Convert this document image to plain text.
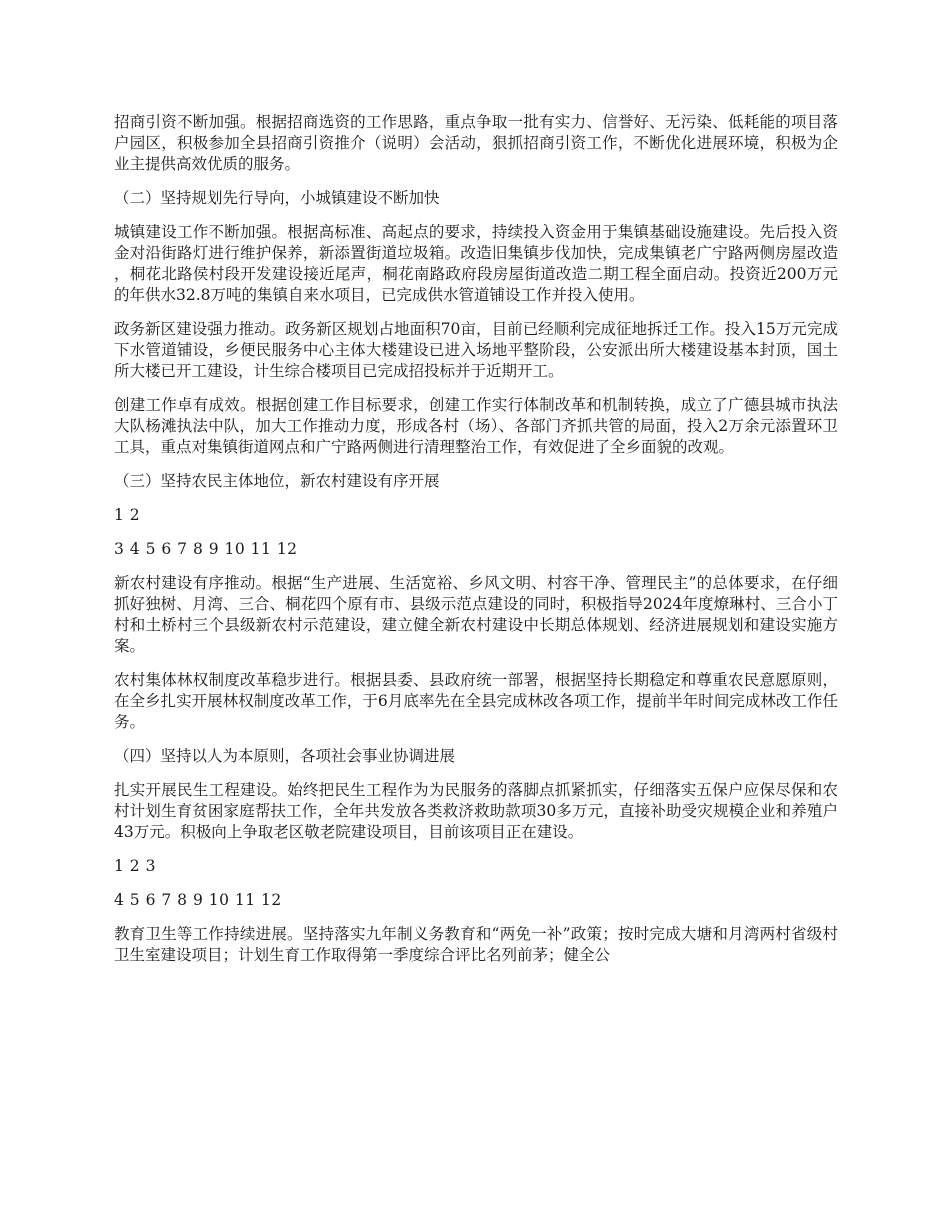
招商引资不断加强。根据招商选资的工作思路，重点争取一批有实力、信誉好、无污染、低耗能的项目落户园区，积极参加全县招商引资推介（说明）会活动，狠抓招商引资工作，不断优化进展环境，积极为企业主提供高效优质的服务。

（二）坚持规划先行导向，小城镇建设不断加快

城镇建设工作不断加强。根据高标准、高起点的要求，持续投入资金用于集镇基础设施建设。先后投入资金对沿街路灯进行维护保养，新添置街道垃圾箱。改造旧集镇步伐加快，完成集镇老广宁路两侧房屋改造，桐花北路侯村段开发建设接近尾声，桐花南路政府段房屋街道改造二期工程全面启动。投资近200万元的年供水32.8万吨的集镇自来水项目，已完成供水管道铺设工作并投入使用。

政务新区建设强力推动。政务新区规划占地面积70亩，目前已经顺利完成征地拆迁工作。投入15万元完成下水管道铺设，乡便民服务中心主体大楼建设已进入场地平整阶段，公安派出所大楼建设基本封顶，国土所大楼已开工建设，计生综合楼项目已完成招投标并于近期开工。

创建工作卓有成效。根据创建工作目标要求，创建工作实行体制改革和机制转换，成立了广德县城市执法大队杨滩执法中队，加大工作推动力度，形成各村（场）、各部门齐抓共管的局面，投入2万余元添置环卫工具，重点对集镇街道网点和广宁路两侧进行清理整治工作，有效促进了全乡面貌的改观。

（三）坚持农民主体地位，新农村建设有序开展

1 2

3 4 5 6 7 8 9 10 11 12

新农村建设有序推动。根据“生产进展、生活宽裕、乡风文明、村容干净、管理民主”的总体要求，在仔细抓好独树、月湾、三合、桐花四个原有市、县级示范点建设的同时，积极指导2024年度燎琳村、三合小丁村和土桥村三个县级新农村示范建设，建立健全新农村建设中长期总体规划、经济进展规划和建设实施方案。

农村集体林权制度改革稳步进行。根据县委、县政府统一部署，根据坚持长期稳定和尊重农民意愿原则，在全乡扎实开展林权制度改革工作，于6月底率先在全县完成林改各项工作，提前半年时间完成林改工作任务。

（四）坚持以人为本原则，各项社会事业协调进展

扎实开展民生工程建设。始终把民生工程作为为民服务的落脚点抓紧抓实，仔细落实五保户应保尽保和农村计划生育贫困家庭帮扶工作，全年共发放各类救济救助款项30多万元，直接补助受灾规模企业和养殖户43万元。积极向上争取老区敬老院建设项目，目前该项目正在建设。

1 2 3

4 5 6 7 8 9 10 11 12

教育卫生等工作持续进展。坚持落实九年制义务教育和“两免一补”政策；按时完成大塘和月湾两村省级村卫生室建设项目；计划生育工作取得第一季度综合评比名列前茅；健全公
